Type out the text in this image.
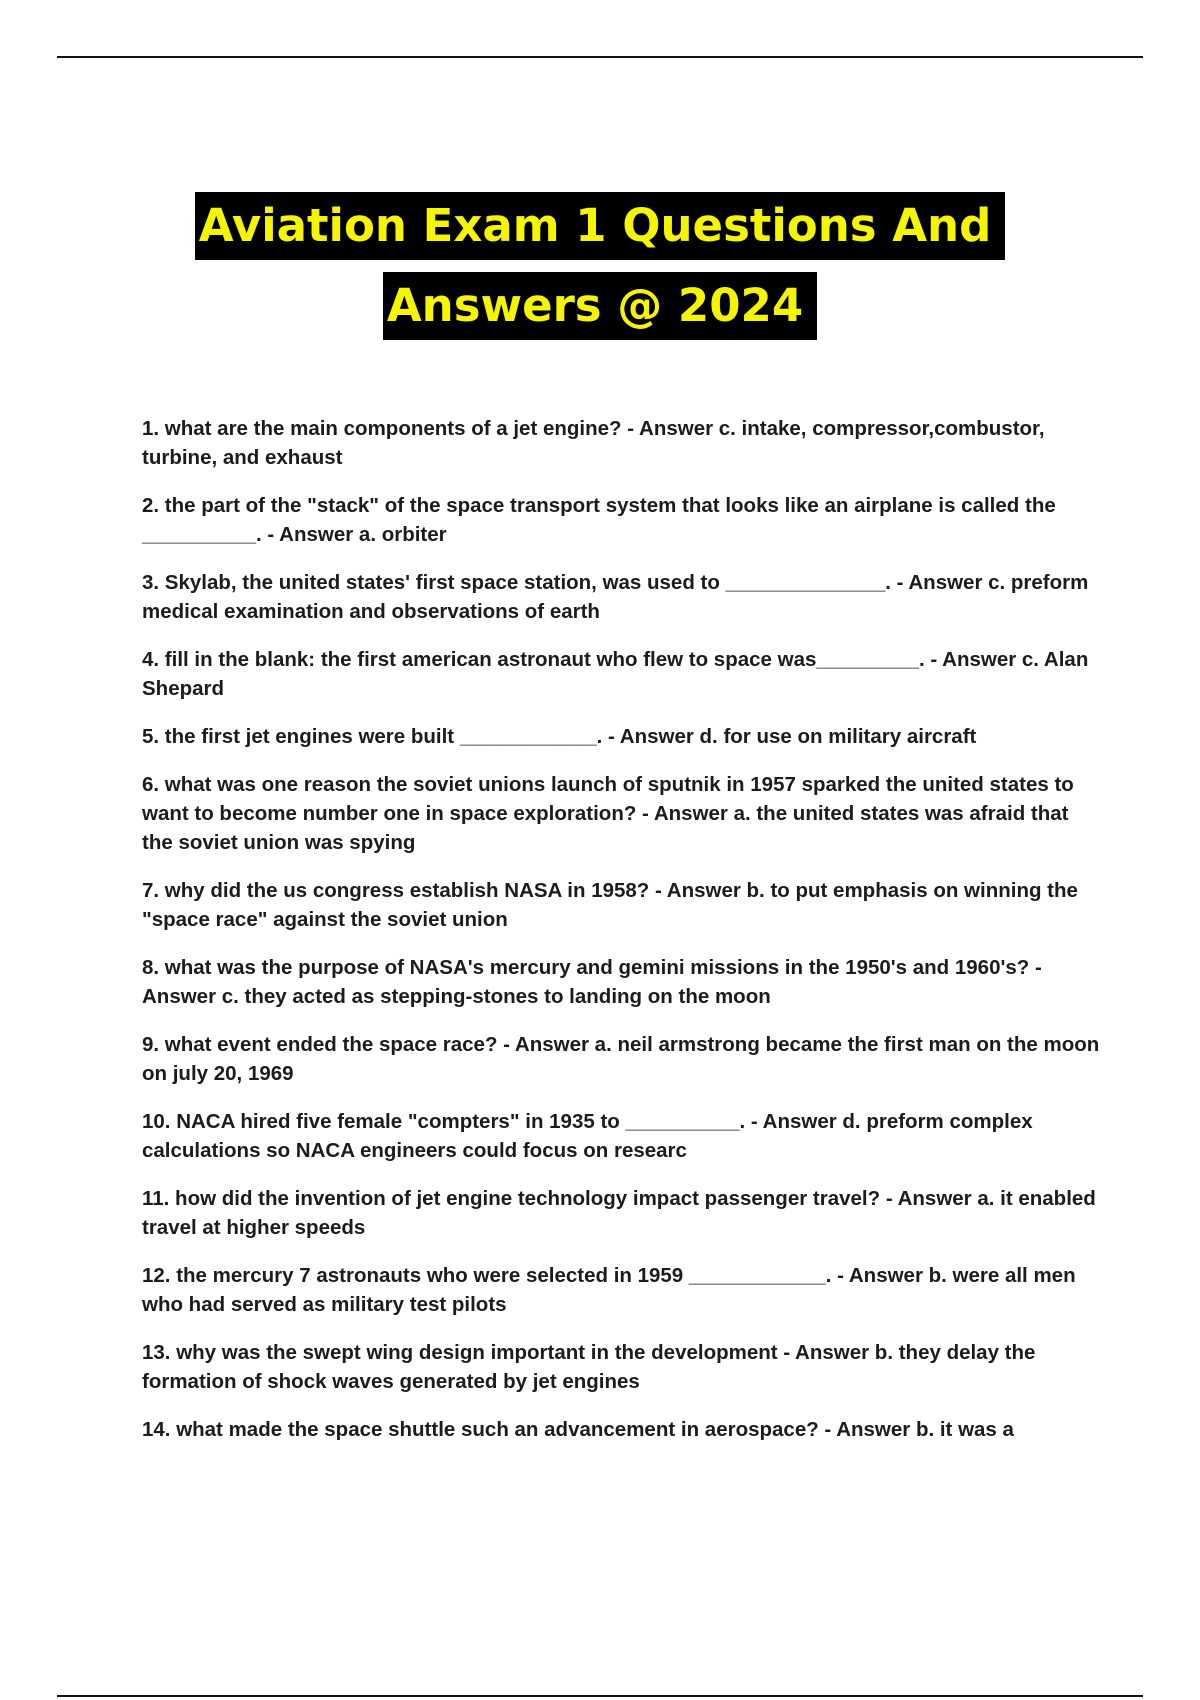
Aviation Exam 1 Questions And
Answers @ 2024
1. what are the main components of a jet engine? - Answer c. intake, compressor,combustor, turbine, and exhaust
2. the part of the "stack" of the space transport system that looks like an airplane is called the __________. - Answer a. orbiter
3. Skylab, the united states' first space station, was used to ______________. - Answer c. preform medical examination and observations of earth
4. fill in the blank: the first american astronaut who flew to space was_________. - Answer c. Alan Shepard
5. the first jet engines were built ____________. - Answer d. for use on military aircraft
6. what was one reason the soviet unions launch of sputnik in 1957 sparked the united states to want to become number one in space exploration? - Answer a. the united states was afraid that the soviet union was spying
7. why did the us congress establish NASA in 1958? - Answer b. to put emphasis on winning the "space race" against the soviet union
8. what was the purpose of NASA's mercury and gemini missions in the 1950's and 1960's? - Answer c. they acted as stepping-stones to landing on the moon
9. what event ended the space race? - Answer a. neil armstrong became the first man on the moon on july 20, 1969
10. NACA hired five female "compters" in 1935 to __________. - Answer d. preform complex calculations so NACA engineers could focus on researc
11. how did the invention of jet engine technology impact passenger travel? - Answer a. it enabled travel at higher speeds
12. the mercury 7 astronauts who were selected in 1959 ____________. - Answer b. were all men who had served as military test pilots
13. why was the swept wing design important in the development - Answer b. they delay the formation of shock waves generated by jet engines
14. what made the space shuttle such an advancement in aerospace? - Answer b. it was a
